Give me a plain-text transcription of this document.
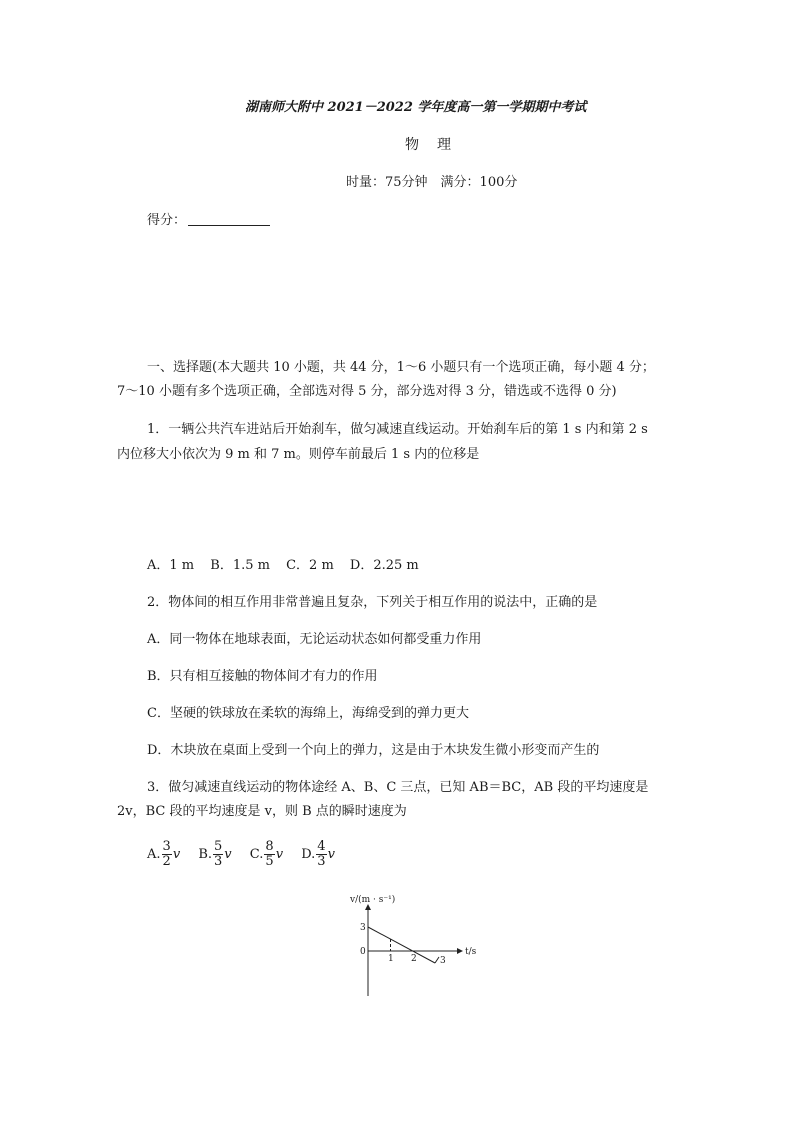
湖南师大附中 2021－2022 学年度高一第一学期期中考试
物　理
时量：75分钟　满分：100分
得分：
一、选择题(本大题共 10 小题，共 44 分，1～6 小题只有一个选项正确，每小题 4 分；
7～10 小题有多个选项正确，全部选对得 5 分，部分选对得 3 分，错选或不选得 0 分)
1．一辆公共汽车进站后开始刹车，做匀减速直线运动。开始刹车后的第 1 s 内和第 2 s
内位移大小依次为 9 m 和 7 m。则停车前最后 1 s 内的位移是
A．1 m B．1.5 m C．2 m D．2.25 m
2．物体间的相互作用非常普遍且复杂，下列关于相互作用的说法中，正确的是
A．同一物体在地球表面，无论运动状态如何都受重力作用
B．只有相互接触的物体间才有力的作用
C．坚硬的铁球放在柔软的海绵上，海绵受到的弹力更大
D．木块放在桌面上受到一个向上的弹力，这是由于木块发生微小形变而产生的
3．做匀减速直线运动的物体途经 A、B、C 三点，已知 AB＝BC，AB 段的平均速度是
2v，BC 段的平均速度是 v，则 B 点的瞬时速度为
A. $\frac{3}{2}$ v B. $\frac{5}{3}$ v C. $\frac{8}{5}$ v D. $\frac{4}{3}$ v
v/(m · s⁻¹)
t/s
3
0
1 2	3
